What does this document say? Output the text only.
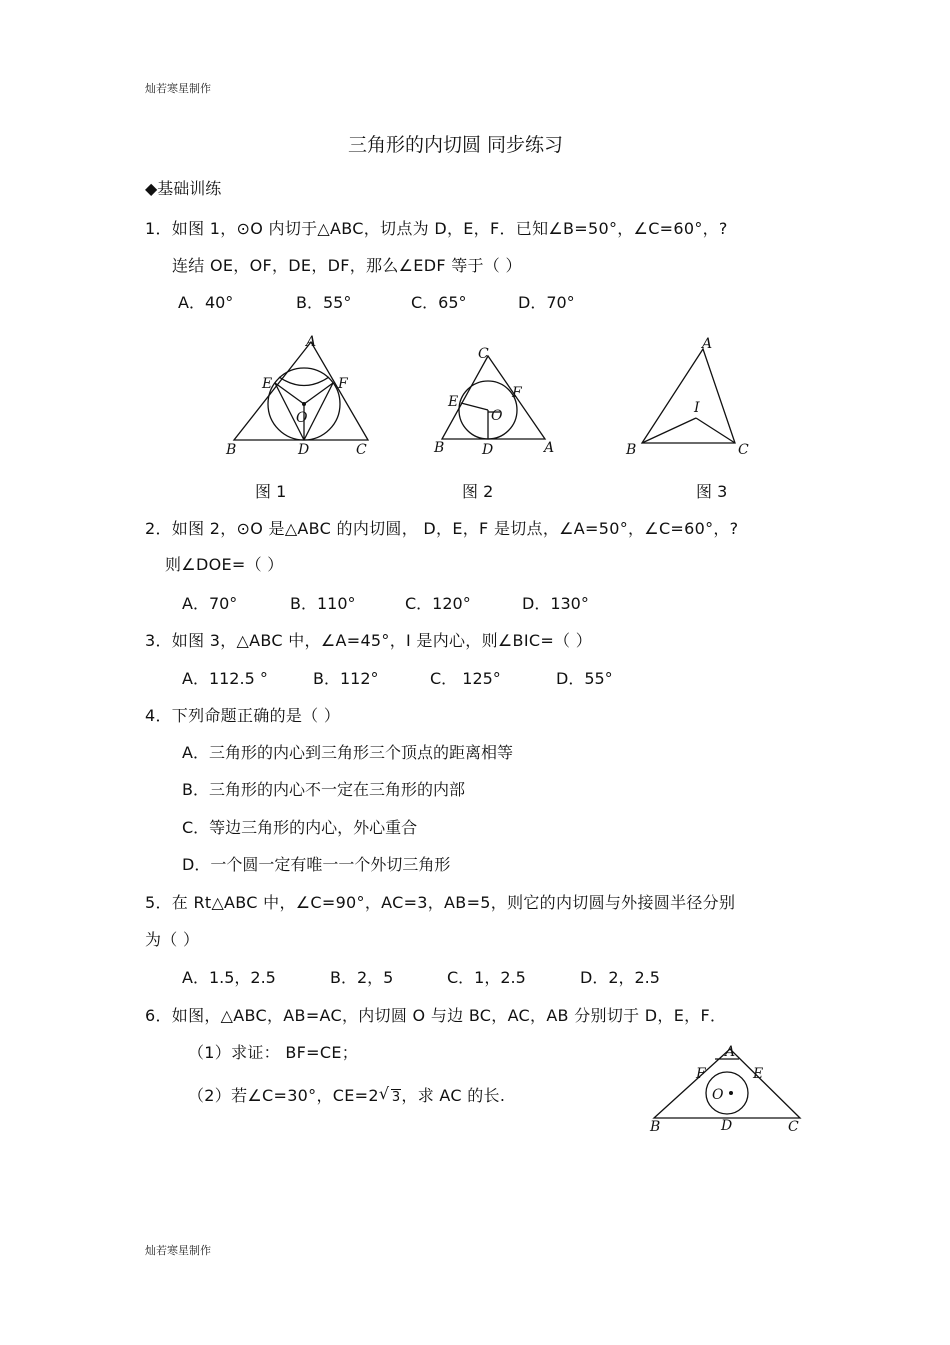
灿若寒星制作
三角形的内切圆 同步练习
◆基础训练
1．如图 1，⊙O 内切于△ABC，切点为 D，E，F．已知∠B=50°，∠C=60°，?
连结 OE，OF，DE，DF，那么∠EDF 等于（ ）
A．40°	B．55°	C．65°	D．70°
A
B	C
D
E	F
O
图 1
C
B	A
D
E
F
O
图 2
A
B	C
I
图 3
2．如图 2，⊙O 是△ABC 的内切圆， D，E，F 是切点，∠A=50°，∠C=60°，?
则∠DOE=（ ）
A．70°	B．110°	C．120°	D．130°
3．如图 3，△ABC 中，∠A=45°，I 是内心，则∠BIC=（ ）
A．112.5 °	B．112°	C． 125°	D．55°
4．下列命题正确的是（ ）
A．三角形的内心到三角形三个顶点的距离相等
B．三角形的内心不一定在三角形的内部
C．等边三角形的内心，外心重合
D．一个圆一定有唯一一个外切三角形
5．在 Rt△ABC 中，∠C=90°，AC=3，AB=5，则它的内切圆与外接圆半径分别
为（ ）
A．1.5，2.5	B．2，5	C．1，2.5	D．2，2.5
6．如图，△ABC，AB=AC，内切圆 O 与边 BC，AC，AB 分别切于 D，E，F．
（1）求证： BF=CE；
（2）若∠C=30°，CE=2 √ 3，求 AC 的长.
A
B	C
D
E
F
O
灿若寒星制作
